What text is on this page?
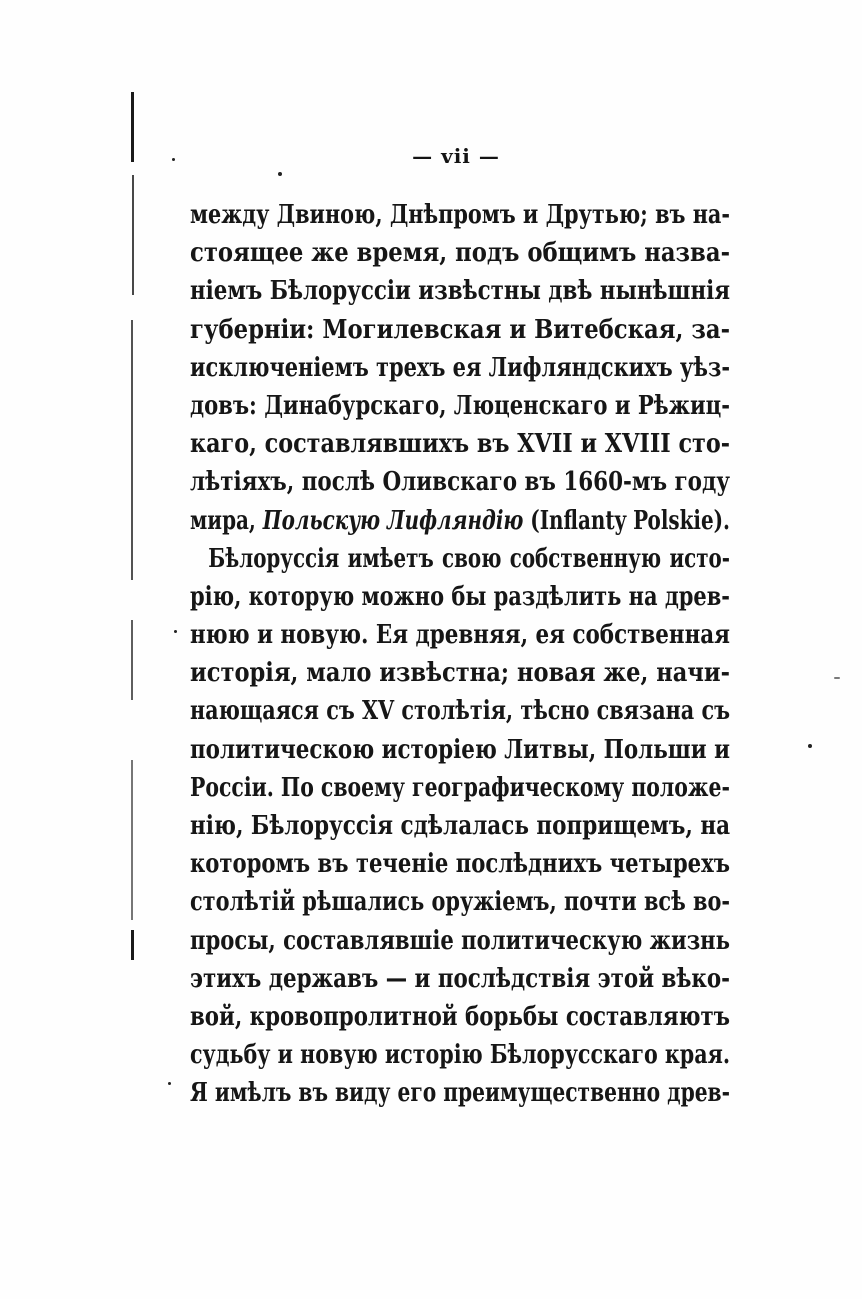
— vii —
между Двиною, Днѣпромъ и Друтью; въ на-
стоящее же время, подъ общимъ назва-
ніемъ Бѣлоруссіи извѣстны двѣ нынѣшнія
губерніи: Могилевская и Витебская, за-
исключеніемъ трехъ ея Лифляндскихъ уѣз-
довъ: Динабурскаго, Люценскаго и Рѣжиц-
каго, составлявшихъ въ XVII и XVIII сто-
лѣтіяхъ, послѣ Оливскаго въ 1660-мъ году
мира, Польскую Лифляндію (Inflanty Polskie).
Бѣлоруссія имѣетъ свою собственную исто-
рію, которую можно бы раздѣлить на древ-
нюю и новую. Ея древняя, ея собственная
исторія, мало извѣстна; новая же, начи-
нающаяся съ XV столѣтія, тѣсно связана съ
политическою исторіею Литвы, Польши и
Россіи. По своему географическому положе-
нію, Бѣлоруссія сдѣлалась поприщемъ, на
которомъ въ теченіе послѣднихъ четырехъ
столѣтій рѣшались оружіемъ, почти всѣ во-
просы, составлявшіе политическую жизнь
этихъ державъ — и послѣдствія этой вѣко-
вой, кровопролитной борьбы составляютъ
судьбу и новую исторію Бѣлорусскаго края.
Я имѣлъ въ виду его преимущественно древ-
